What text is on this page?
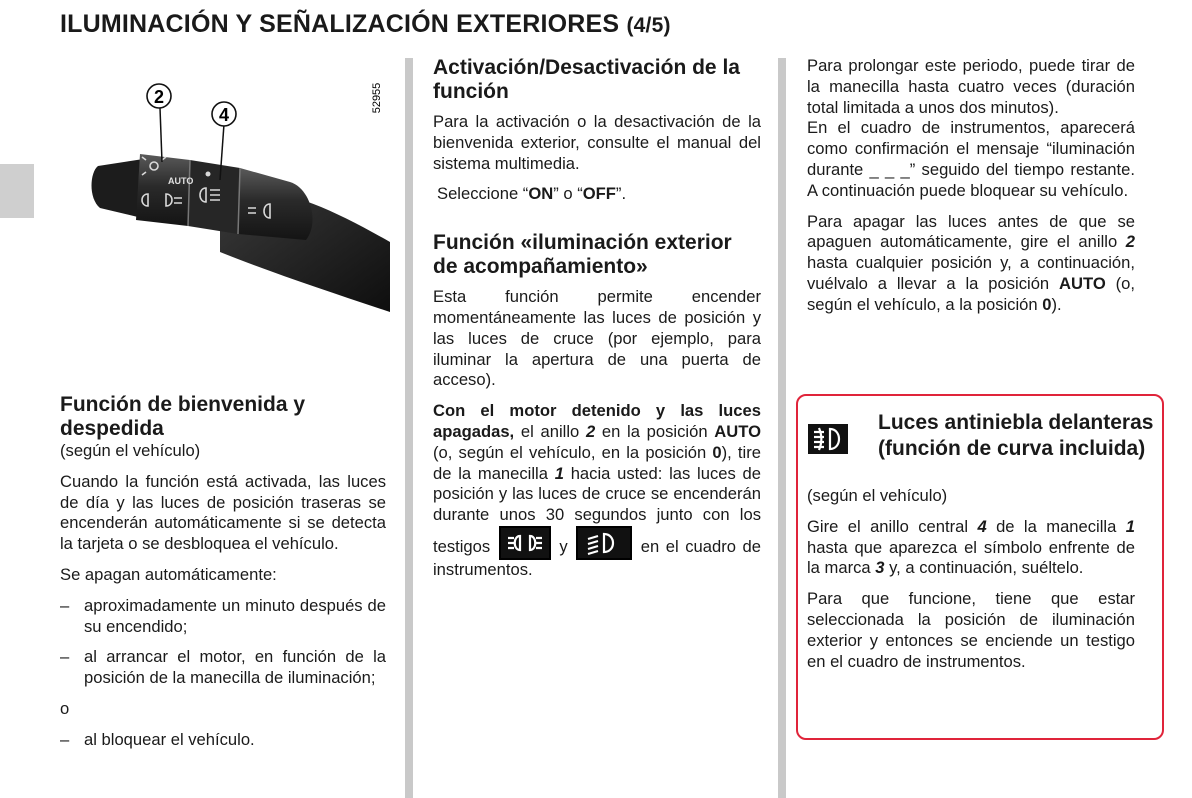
ILUMINACIÓN Y SEÑALIZACIÓN EXTERIORES (4/5)
AUTO
2
4
52955
Función de bienvenida y despedida

(según el vehículo)

Cuando la función está activada, las luces de día y las luces de posición traseras se encenderán automáticamente si se detecta la tarjeta o se desbloquea el vehículo.

Se apagan automáticamente:

– aproximadamente un minuto después de su encendido;
– al arrancar el motor, en función de la posición de la manecilla de iluminación;

o

– al bloquear el vehículo.
Activación/Desactivación de la función

Para la activación o la desactivación de la bienvenida exterior, consulte el manual del sistema multimedia.

Seleccione “ON” o “OFF”.

Función «iluminación exterior de acompañamiento»

Esta función permite encender momentáneamente las luces de posición y las luces de cruce (por ejemplo, para iluminar la apertura de una puerta de acceso).

Con el motor detenido y las luces apagadas, el anillo 2 en la posición AUTO (o, según el vehículo, en la posición 0), tire de la manecilla 1 hacia usted: las luces de posición y las luces de cruce se encenderán durante unos 30 segundos junto con los testigos	y	en el cuadro de instrumentos.

Para prolongar este periodo, puede tirar de la manecilla hasta cuatro veces (duración total limitada a unos dos minutos).

En el cuadro de instrumentos, aparecerá como confirmación el mensaje “iluminación durante _ _ _” seguido del tiempo restante. A continuación puede bloquear su vehículo.

Para apagar las luces antes de que se apaguen automáticamente, gire el anillo 2 hasta cualquier posición y, a continuación, vuélvalo a llevar a la posición AUTO (o, según el vehículo, a la posición 0).

Luces antiniebla delanteras (función de curva incluida)

(según el vehículo)

Gire el anillo central 4 de la manecilla 1 hasta que aparezca el símbolo enfrente de la marca 3 y, a continuación, suéltelo.

Para que funcione, tiene que estar seleccionada la posición de iluminación exterior y entonces se enciende un testigo en el cuadro de instrumentos.
